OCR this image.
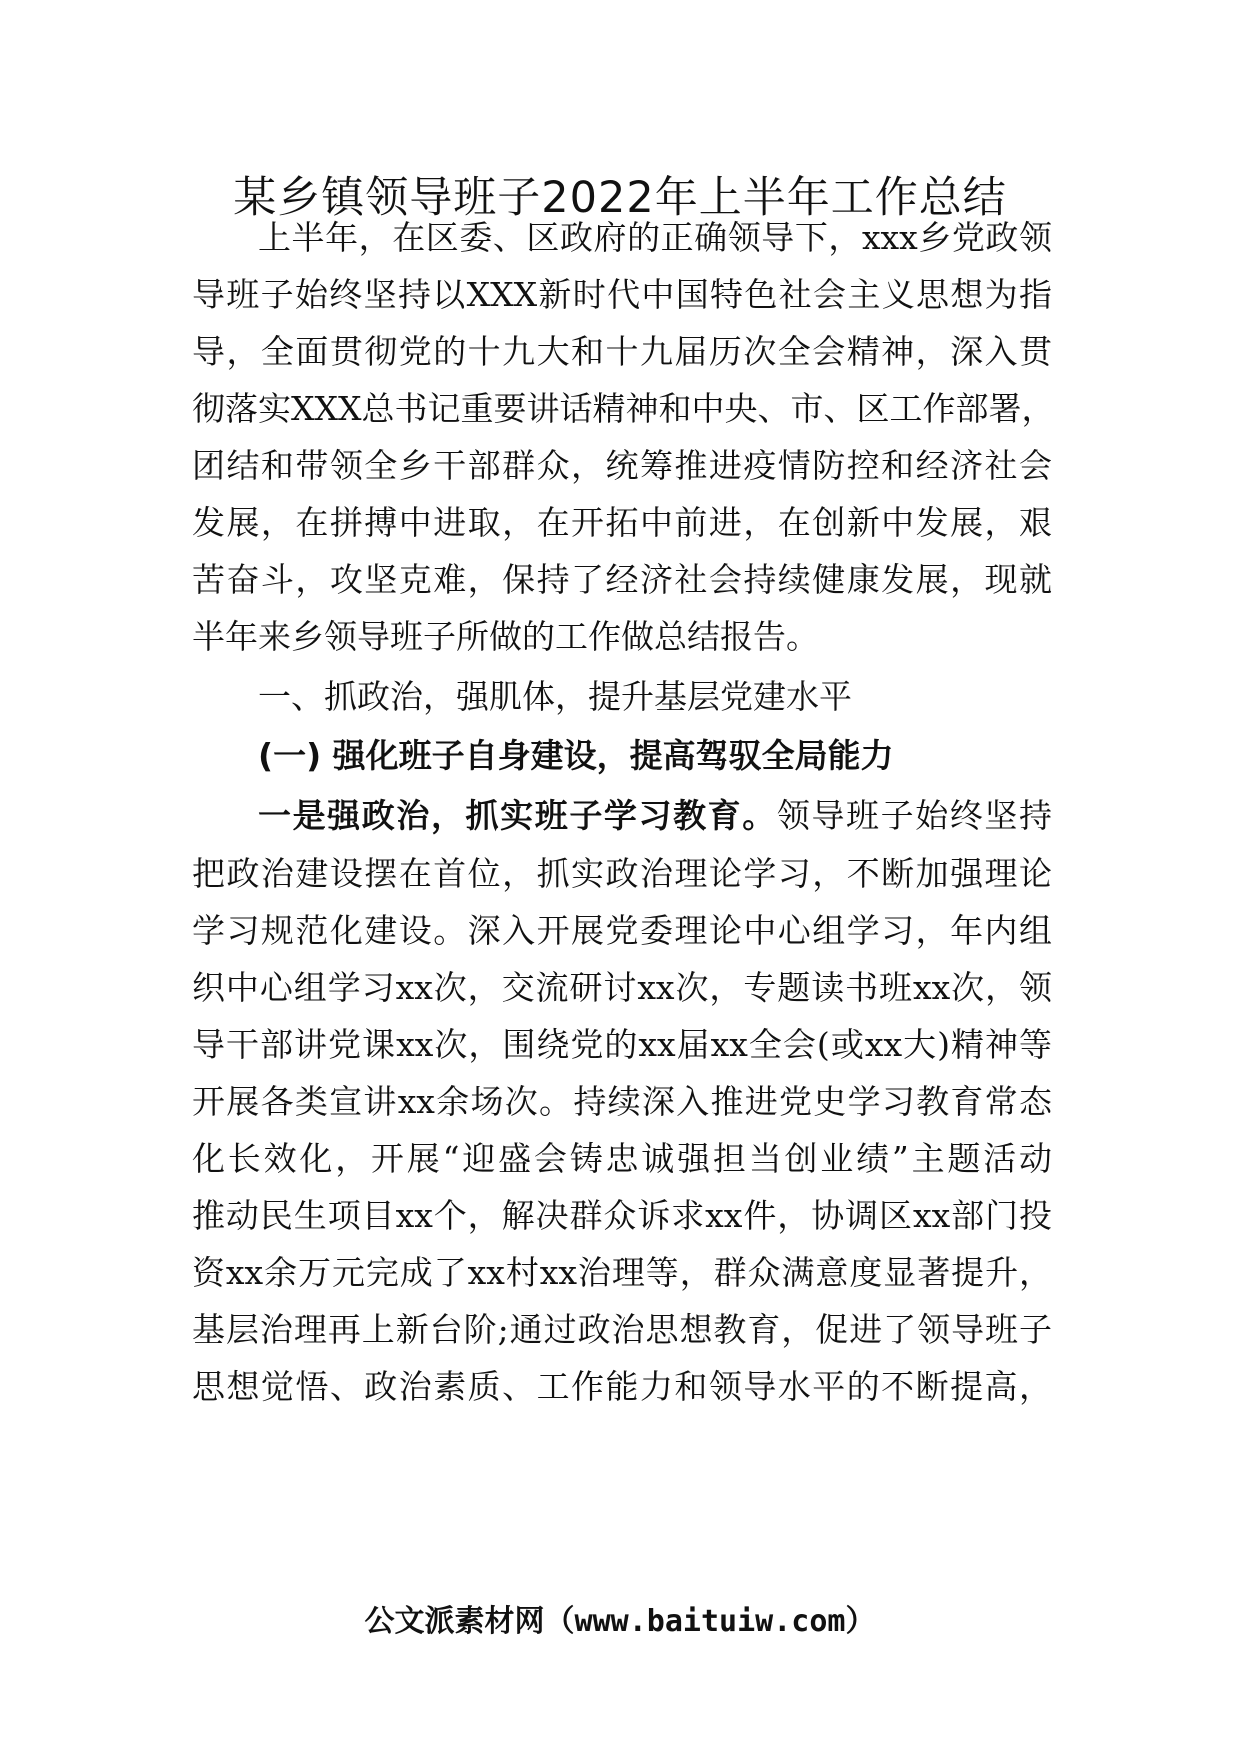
某乡镇领导班子2022年上半年工作总结
上半年，在区委、区政府的正确领导下，xxx乡党政领
导班子始终坚持以XXX新时代中国特色社会主义思想为指
导，全面贯彻党的十九大和十九届历次全会精神，深入贯
彻落实XXX总书记重要讲话精神和中央、市、区工作部署，
团结和带领全乡干部群众，统筹推进疫情防控和经济社会
发展，在拼搏中进取，在开拓中前进，在创新中发展，艰
苦奋斗，攻坚克难，保持了经济社会持续健康发展，现就
半年来乡领导班子所做的工作做总结报告。
一、抓政治，强肌体，提升基层党建水平
(一) 强化班子自身建设，提高驾驭全局能力
一是强政治，抓实班子学习教育。领导班子始终坚持
把政治建设摆在首位，抓实政治理论学习，不断加强理论
学习规范化建设。深入开展党委理论中心组学习，年内组
织中心组学习xx次，交流研讨xx次，专题读书班xx次，领
导干部讲党课xx次，围绕党的xx届xx全会(或xx大)精神等
开展各类宣讲xx余场次。持续深入推进党史学习教育常态
化长效化，开展“迎盛会铸忠诚强担当创业绩”主题活动
推动民生项目xx个，解决群众诉求xx件，协调区xx部门投
资xx余万元完成了xx村xx治理等，群众满意度显著提升，
基层治理再上新台阶;通过政治思想教育，促进了领导班子
思想觉悟、政治素质、工作能力和领导水平的不断提高，
公文派素材网（www.baituiw.com）
